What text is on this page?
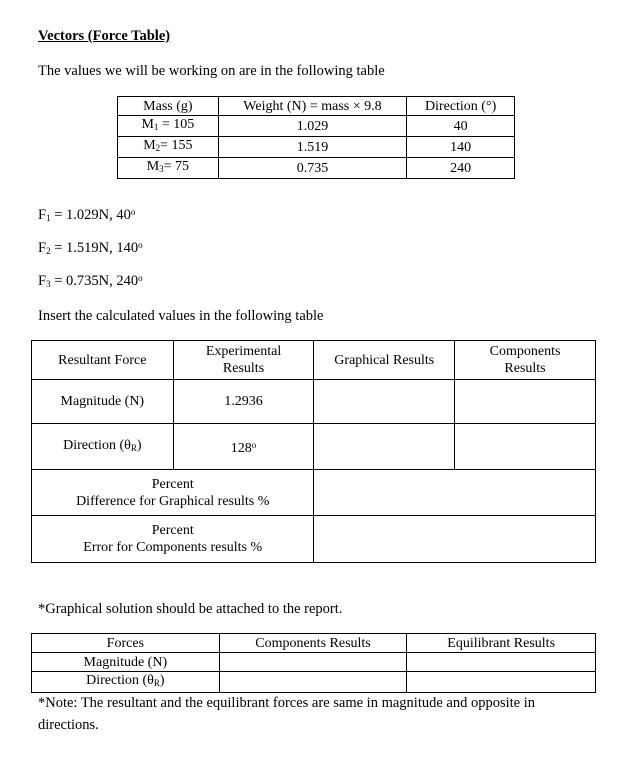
Vectors (Force Table)
The values we will be working on are in the following table
Mass (g)	Weight (N) = mass × 9.8	Direction (°)
$M_1 = 105$	1.029	40
$M_2= 155$	1.519	140
$M_3= 75$	0.735	240
$F_1 = 1.029N$, 40$^o$
$F_2 = 1.519N$, 140$^o$
$F_3 = 0.735N$, 240$^o$
Insert the calculated values in the following table
Resultant Force	Experimental Results	Graphical Results	Components Results
Magnitude (N)	1.2936		
Direction $(\theta_R)$	128$^o$		

Percent
Difference for Graphical results %			

Percent
Error for Components results %			

*Graphical solution should be attached to the report.
Forces	Components Results	Equilibrant Results
Magnitude (N)		
Direction $(\theta_R)$		
*Note: The resultant and the equilibrant forces are same in magnitude and opposite in directions.
